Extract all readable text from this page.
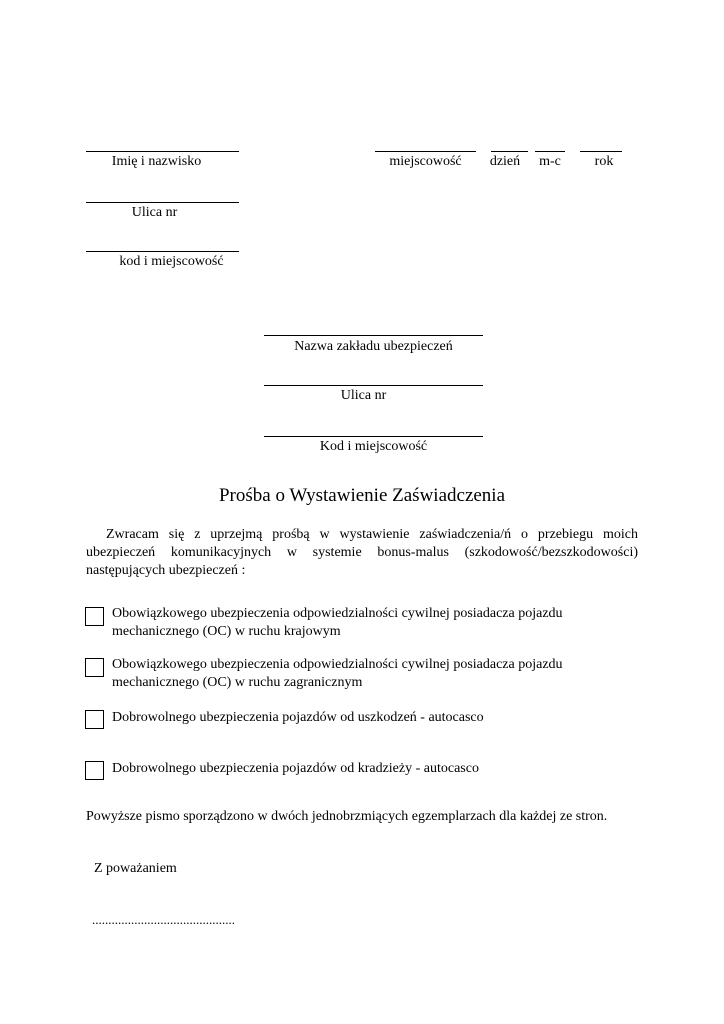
Imię i nazwisko
Ulica nr
kod i miejscowość
miejscowość	dzień	m-c	rok
Nazwa zakładu ubezpieczeń
Ulica nr
Kod i miejscowość
Prośba o Wystawienie Zaświadczenia
Zwracam się z uprzejmą prośbą w wystawienie zaświadczenia/ń o przebiegu moich
ubezpieczeń komunikacyjnych w systemie bonus-malus (szkodowość/bezszkodowości)
następujących ubezpieczeń :
Obowiązkowego ubezpieczenia odpowiedzialności cywilnej posiadacza pojazdu
mechanicznego (OC) w ruchu krajowym
Obowiązkowego ubezpieczenia odpowiedzialności cywilnej posiadacza pojazdu
mechanicznego (OC) w ruchu zagranicznym
Dobrowolnego ubezpieczenia pojazdów od uszkodzeń - autocasco
Dobrowolnego ubezpieczenia pojazdów od kradzieży - autocasco
Powyższe pismo sporządzono w dwóch jednobrzmiących egzemplarzach dla każdej ze stron.
Z poważaniem
............................................
